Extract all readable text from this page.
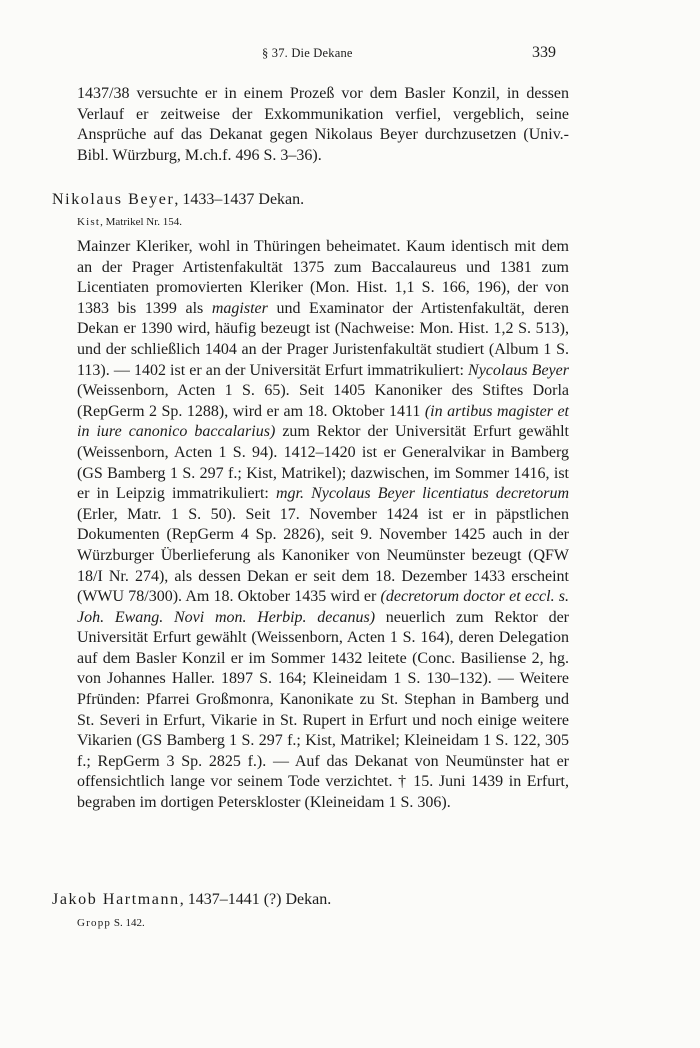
§ 37. Die Dekane	339

1437/38 versuchte er in einem Prozeß vor dem Basler Konzil, in dessen Verlauf er zeitweise der Exkommunikation verfiel, vergeblich, seine Ansprüche auf das Dekanat gegen Nikolaus Beyer durchzusetzen (Univ.-Bibl. Würzburg, M.ch.f. 496 S. 3–36).

Nikolaus Beyer, 1433–1437 Dekan.

Kist, Matrikel Nr. 154.

Mainzer Kleriker, wohl in Thüringen beheimatet. Kaum identisch mit dem an der Prager Artistenfakultät 1375 zum Baccalaureus und 1381 zum Licentiaten promovierten Kleriker (Mon. Hist. 1,1 S. 166, 196), der von 1383 bis 1399 als magister und Examinator der Artistenfakultät, deren Dekan er 1390 wird, häufig bezeugt ist (Nachweise: Mon. Hist. 1,2 S. 513), und der schließlich 1404 an der Prager Juristenfakultät studiert (Album 1 S. 113). — 1402 ist er an der Universität Erfurt immatrikuliert: Nycolaus Beyer (Weissenborn, Acten 1 S. 65). Seit 1405 Kanoniker des Stiftes Dorla (RepGerm 2 Sp. 1288), wird er am 18. Oktober 1411 (in artibus magister et in iure canonico baccalarius) zum Rektor der Universität Erfurt gewählt (Weissenborn, Acten 1 S. 94). 1412–1420 ist er Generalvikar in Bamberg (GS Bamberg 1 S. 297 f.; Kist, Matrikel); dazwischen, im Sommer 1416, ist er in Leipzig immatrikuliert: mgr. Nycolaus Beyer licentiatus decretorum (Erler, Matr. 1 S. 50). Seit 17. November 1424 ist er in päpstlichen Dokumenten (RepGerm 4 Sp. 2826), seit 9. November 1425 auch in der Würzburger Überlieferung als Kanoniker von Neumünster bezeugt (QFW 18/I Nr. 274), als dessen Dekan er seit dem 18. Dezember 1433 erscheint (WWU 78/300). Am 18. Oktober 1435 wird er (decretorum doctor et eccl. s. Joh. Ewang. Novi mon. Herbip. decanus) neuerlich zum Rektor der Universität Erfurt gewählt (Weissenborn, Acten 1 S. 164), deren Delegation auf dem Basler Konzil er im Sommer 1432 leitete (Conc. Basiliense 2, hg. von Johannes Haller. 1897 S. 164; Kleineidam 1 S. 130–132). — Weitere Pfründen: Pfarrei Großmonra, Kanonikate zu St. Stephan in Bamberg und St. Severi in Erfurt, Vikarie in St. Rupert in Erfurt und noch einige weitere Vikarien (GS Bamberg 1 S. 297 f.; Kist, Matrikel; Kleineidam 1 S. 122, 305 f.; RepGerm 3 Sp. 2825 f.). — Auf das Dekanat von Neumünster hat er offensichtlich lange vor seinem Tode verzichtet. † 15. Juni 1439 in Erfurt, begraben im dortigen Peterskloster (Kleineidam 1 S. 306).

Jakob Hartmann, 1437–1441 (?) Dekan.

Gropp S. 142.
